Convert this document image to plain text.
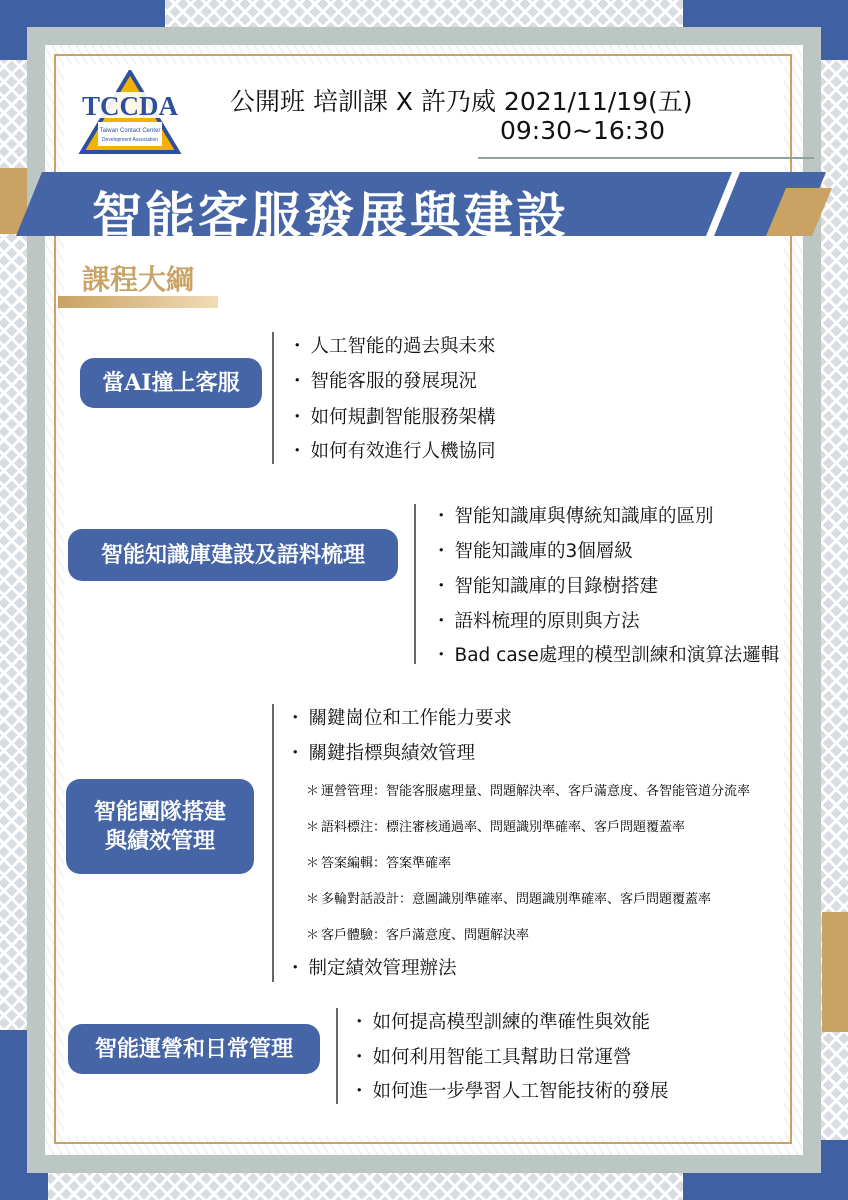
TCCDA
Taiwan Contact Center
Development Association
公開班 培訓課 X 許乃威 2021/11/19(五)
09:30~16:30
智能客服發展與建設
課程大綱
當AI撞上客服
・ 人工智能的過去與未來
・ 智能客服的發展現況
・ 如何規劃智能服務架構
・ 如何有效進行人機協同
智能知識庫建設及語料梳理
・ 智能知識庫與傳統知識庫的區別
・ 智能知識庫的3個層級
・ 智能知識庫的目錄樹搭建
・ 語料梳理的原則與方法
・ Bad case處理的模型訓練和演算法邏輯
智能團隊搭建
與績效管理
・ 關鍵崗位和工作能力要求
・ 關鍵指標與績效管理
＊ 運營管理：智能客服處理量、問題解決率、客戶滿意度、各智能管道分流率
＊ 語料標注：標注審核通過率、問題識別準確率、客戶問題覆蓋率
＊ 答案編輯：答案準確率
＊ 多輪對話設計：意圖識別準確率、問題識別準確率、客戶問題覆蓋率
＊ 客戶體驗：客戶滿意度、問題解決率
・ 制定績效管理辦法
智能運營和日常管理
・ 如何提高模型訓練的準確性與效能
・ 如何利用智能工具幫助日常運營
・ 如何進一步學習人工智能技術的發展
